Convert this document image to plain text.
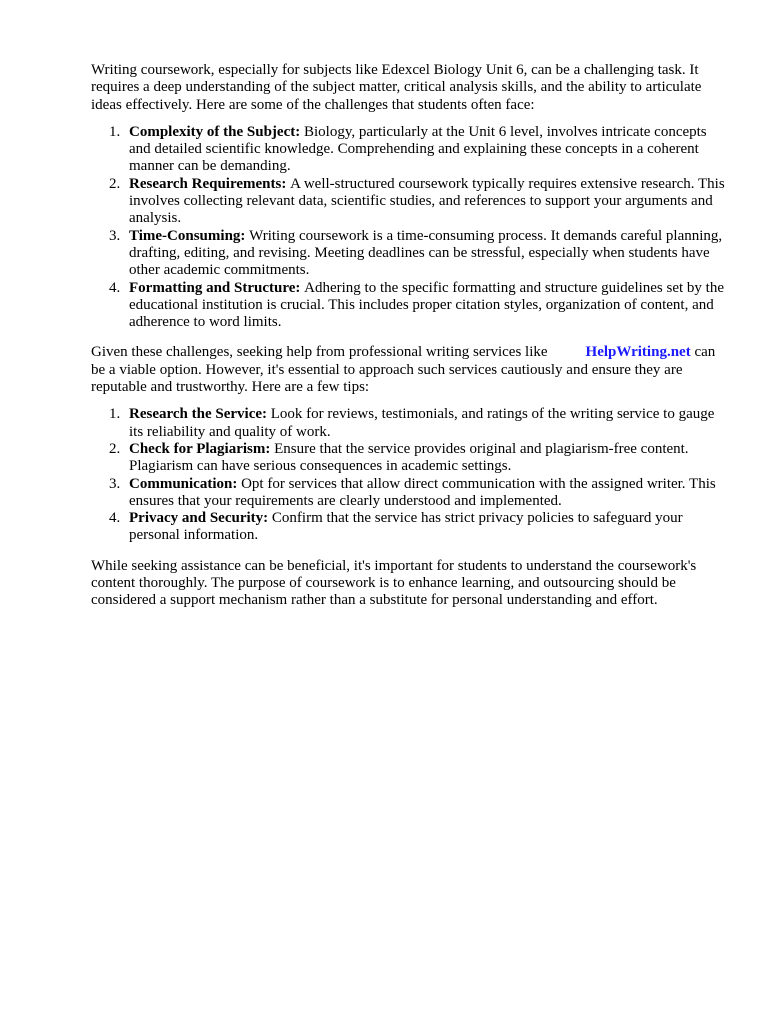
Writing coursework, especially for subjects like Edexcel Biology Unit 6, can be a challenging task. It requires a deep understanding of the subject matter, critical analysis skills, and the ability to articulate ideas effectively. Here are some of the challenges that students often face:

1. Complexity of the Subject: Biology, particularly at the Unit 6 level, involves intricate concepts and detailed scientific knowledge. Comprehending and explaining these concepts in a coherent manner can be demanding.
2. Research Requirements: A well-structured coursework typically requires extensive research. This involves collecting relevant data, scientific studies, and references to support your arguments and analysis.
3. Time-Consuming: Writing coursework is a time-consuming process. It demands careful planning, drafting, editing, and revising. Meeting deadlines can be stressful, especially when students have other academic commitments.
4. Formatting and Structure: Adhering to the specific formatting and structure guidelines set by the educational institution is crucial. This includes proper citation styles, organization of content, and adherence to word limits.

Given these challenges, seeking help from professional writing services like	HelpWriting.net can be a viable option. However, it's essential to approach such services cautiously and ensure they are reputable and trustworthy. Here are a few tips:

1. Research the Service: Look for reviews, testimonials, and ratings of the writing service to gauge its reliability and quality of work.
2. Check for Plagiarism: Ensure that the service provides original and plagiarism-free content. Plagiarism can have serious consequences in academic settings.
3. Communication: Opt for services that allow direct communication with the assigned writer. This ensures that your requirements are clearly understood and implemented.
4. Privacy and Security: Confirm that the service has strict privacy policies to safeguard your personal information.

While seeking assistance can be beneficial, it's important for students to understand the coursework's content thoroughly. The purpose of coursework is to enhance learning, and outsourcing should be considered a support mechanism rather than a substitute for personal understanding and effort.
